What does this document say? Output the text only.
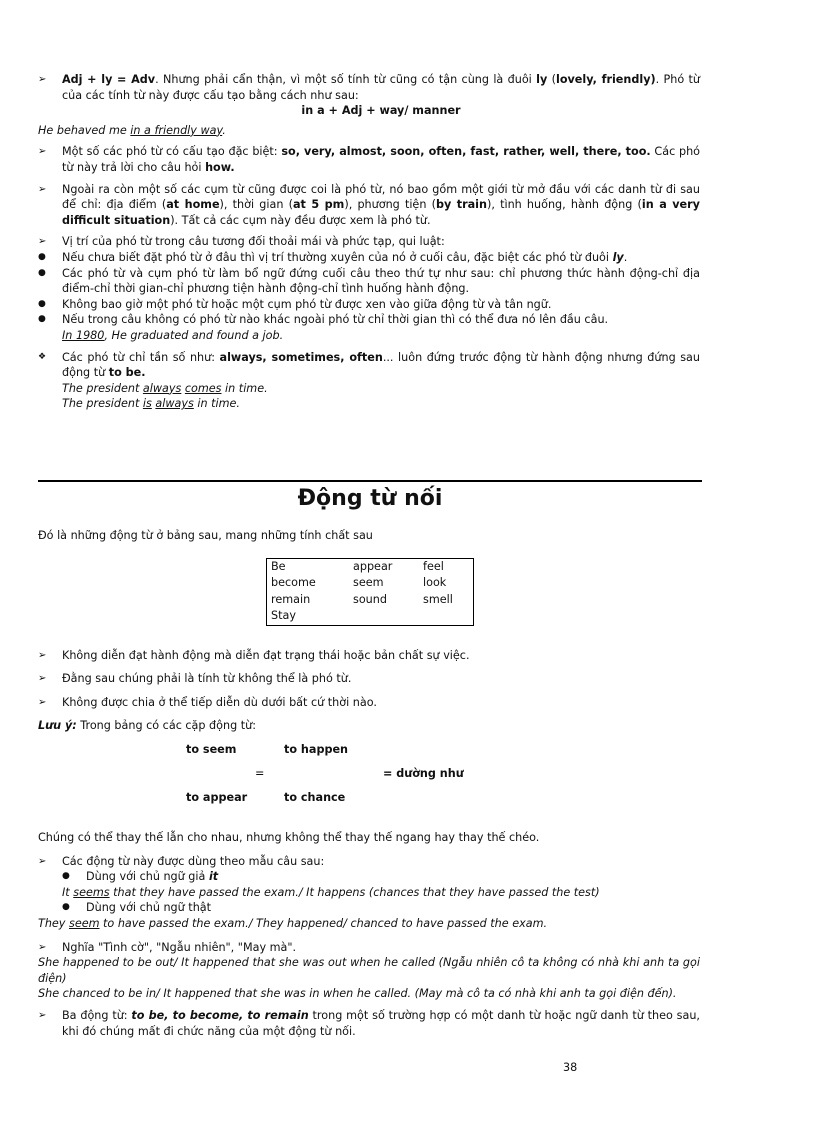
➢ Adj + ly = Adv. Nhưng phải cẩn thận, vì một số tính từ cũng có tận cùng là đuôi ly (lovely, friendly). Phó từ của các tính từ này được cấu tạo bằng cách như sau:
in a + Adj + way/ manner
He behaved me in a friendly way.
➢ Một số các phó từ có cấu tạo đặc biệt: so, very, almost, soon, often, fast, rather, well, there, too. Các phó từ này trả lời cho câu hỏi how.
➢ Ngoài ra còn một số các cụm từ cũng được coi là phó từ, nó bao gồm một giới từ mở đầu với các danh từ đi sau để chỉ: địa điểm (at home), thời gian (at 5 pm), phương tiện (by train), tình huống, hành động (in a very difficult situation). Tất cả các cụm này đều được xem là phó từ.
➢ Vị trí của phó từ trong câu tương đối thoải mái và phức tạp, qui luật:
● Nếu chưa biết đặt phó từ ở đâu thì vị trí thường xuyên của nó ở cuối câu, đặc biệt các phó từ đuôi ly.
● Các phó từ và cụm phó từ làm bổ ngữ đứng cuối câu theo thứ tự như sau: chỉ phương thức hành động-chỉ địa điểm-chỉ thời gian-chỉ phương tiện hành động-chỉ tình huống hành động.
● Không bao giờ một phó từ hoặc một cụm phó từ được xen vào giữa động từ và tân ngữ.
● Nếu trong câu không có phó từ nào khác ngoài phó từ chỉ thời gian thì có thể đưa nó lên đầu câu.
In 1980, He graduated and found a job.
❖ Các phó từ chỉ tần số như: always, sometimes, often... luôn đứng trước động từ hành động nhưng đứng sau động từ to be.
The president always comes in time.
The president is always in time.
Động từ nối
Đó là những động từ ở bảng sau, mang những tính chất sau
Be	appear	feel
become	seem	look
remain	sound	smell
Stay		
➢ Không diễn đạt hành động mà diễn đạt trạng thái hoặc bản chất sự việc.
➢ Đằng sau chúng phải là tính từ không thể là phó từ.
➢ Không được chia ở thể tiếp diễn dù dưới bất cứ thời nào.
Lưu ý: Trong bảng có các cặp động từ:
to seem	to happen
=	= dường như
to appear	to chance
Chúng có thể thay thế lẫn cho nhau, nhưng không thể thay thế ngang hay thay thế chéo.
➢ Các động từ này được dùng theo mẫu câu sau:
● Dùng với chủ ngữ giả it
It seems that they have passed the exam./ It happens (chances that they have passed the test)
● Dùng với chủ ngữ thật
They seem to have passed the exam./ They happened/ chanced to have passed the exam.
➢ Nghĩa "Tình cờ", "Ngẫu nhiên", "May mà".
She happened to be out/ It happened that she was out when he called (Ngẫu nhiên cô ta không có nhà khi anh ta gọi điện)
She chanced to be in/ It happened that she was in when he called. (May mà cô ta có nhà khi anh ta gọi điện đến).
➢ Ba động từ: to be, to become, to remain trong một số trường hợp có một danh từ hoặc ngữ danh từ theo sau, khi đó chúng mất đi chức năng của một động từ nối.
38
